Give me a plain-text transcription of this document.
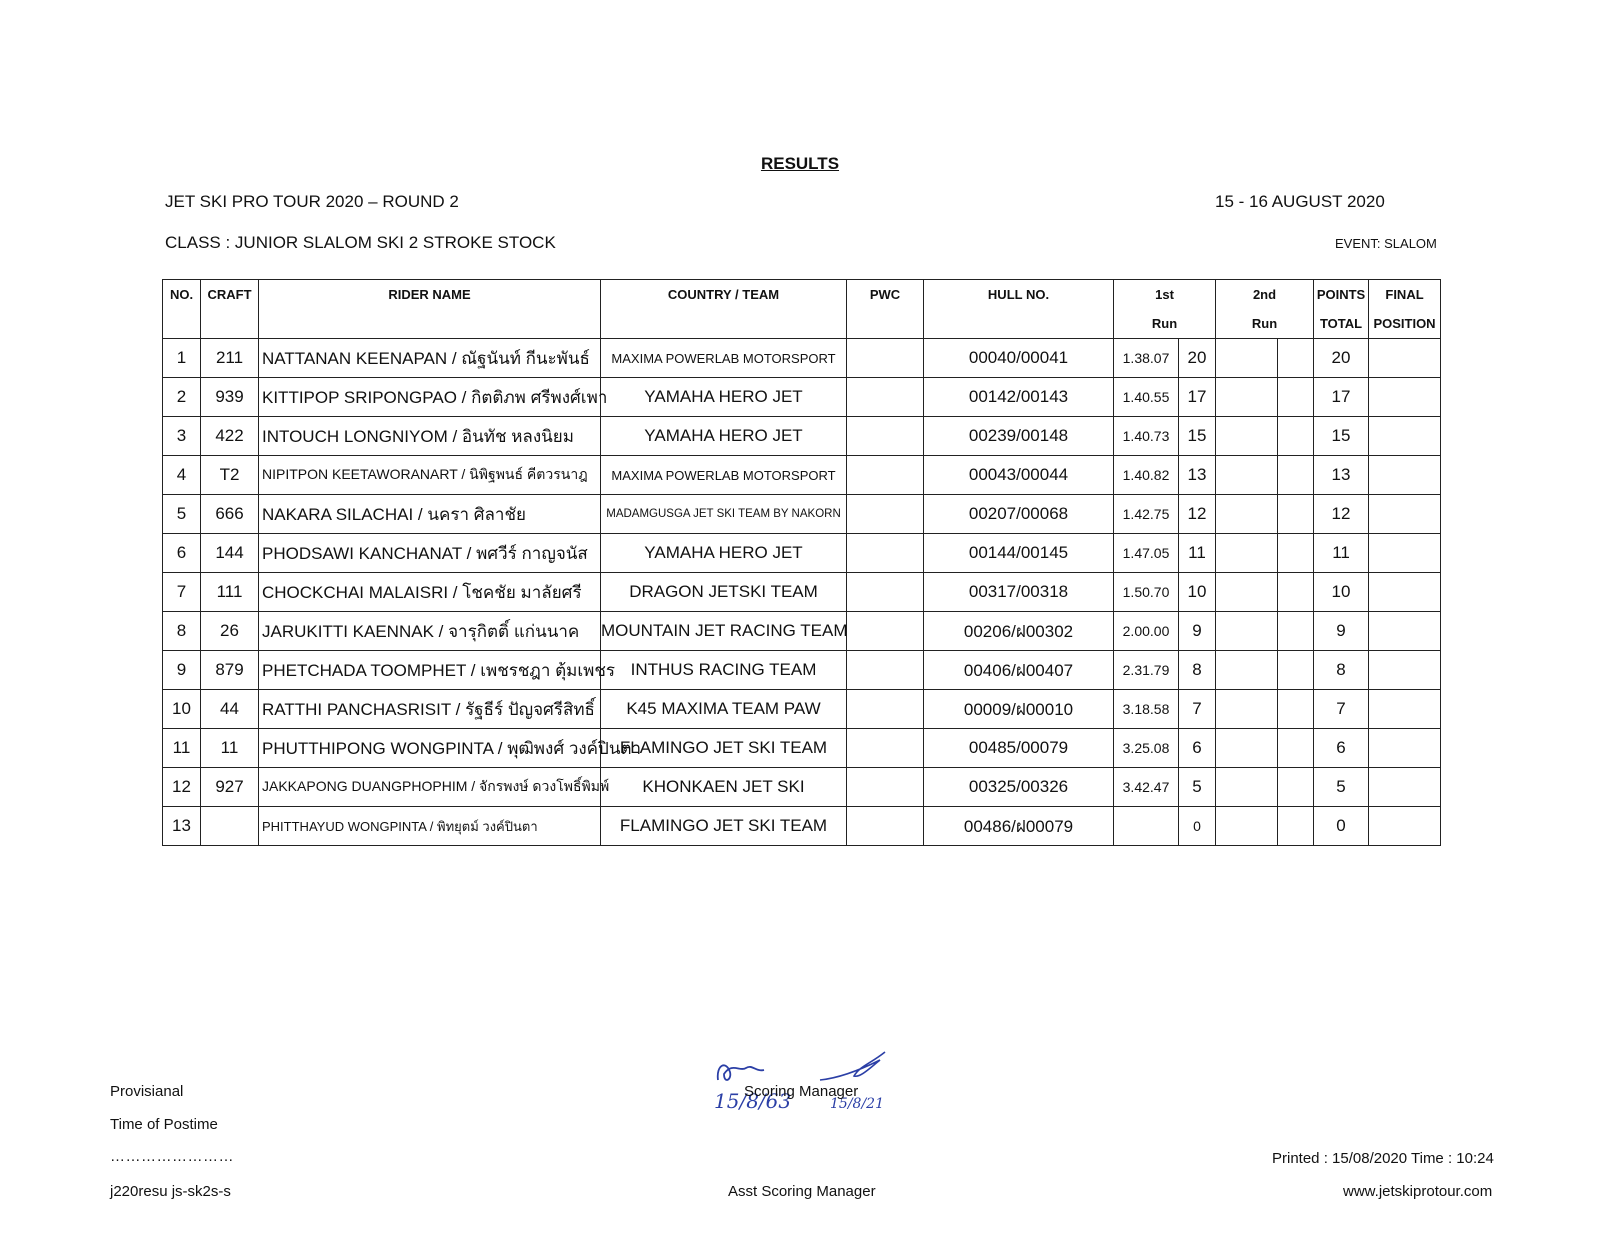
RESULTS
JET SKI PRO TOUR 2020 – ROUND 2	15 - 16 AUGUST 2020
CLASS : JUNIOR SLALOM SKI 2 STROKE STOCK	EVENT: SLALOM
NO.	CRAFT	RIDER NAME	COUNTRY / TEAM	PWC	HULL NO.	1st		2nd		POINTS	FINAL
						Run		Run		TOTAL	POSITION
1	211	NATTANAN KEENAPAN / ณัฐนันท์ กีนะพันธ์	MAXIMA POWERLAB MOTORSPORT		00040/00041	1.38.07	20			20	
2	939	KITTIPOP SRIPONGPAO / กิตติภพ ศรีพงศ์เพา	YAMAHA HERO JET		00142/00143	1.40.55	17			17	
3	422	INTOUCH LONGNIYOM / อินทัช หลงนิยม	YAMAHA HERO JET		00239/00148	1.40.73	15			15	
4	T2	NIPITPON KEETAWORANART / นิพิฐพนธ์ คีตวรนาฎ	MAXIMA POWERLAB MOTORSPORT		00043/00044	1.40.82	13			13	
5	666	NAKARA SILACHAI / นครา ศิลาชัย	MADAMGUSGA JET SKI TEAM BY NAKORN		00207/00068	1.42.75	12			12	
6	144	PHODSAWI KANCHANAT / พศวีร์ กาญจนัส	YAMAHA HERO JET		00144/00145	1.47.05	11			11	
7	111	CHOCKCHAI MALAISRI / โชคชัย มาลัยศรี	DRAGON JETSKI TEAM		00317/00318	1.50.70	10			10	
8	26	JARUKITTI KAENNAK / จารุกิตติ์ แก่นนาค	MOUNTAIN JET RACING TEAM		00206/ฝ00302	2.00.00	9			9	
9	879	PHETCHADA TOOMPHET / เพชรชฎา ตุ้มเพชร	INTHUS RACING TEAM		00406/ฝ00407	2.31.79	8			8	
10	44	RATTHI PANCHASRISIT / รัฐธีร์ ปัญจศรีสิทธิ์	K45 MAXIMA TEAM PAW		00009/ฝ00010	3.18.58	7			7	
11	11	PHUTTHIPONG WONGPINTA / พุฒิพงศ์ วงค์ปินตา	FLAMINGO JET SKI TEAM		00485/00079	3.25.08	6			6	
12	927	JAKKAPONG DUANGPHOPHIM / จักรพงษ์ ดวงโพธิ์พิมพ์	KHONKAEN JET SKI		00325/00326	3.42.47	5			5	
13		PHITTHAYUD WONGPINTA / พิทยุตม์ วงค์ปินตา	FLAMINGO JET SKI TEAM		00486/ฝ00079		0			0	
Provisianal
Time of Postime
……………………
j220resu js-sk2s-s
15/8/63	15/8/21
Scoring Manager
Asst Scoring Manager
Printed : 15/08/2020 Time : 10:24
www.jetskiprotour.com
